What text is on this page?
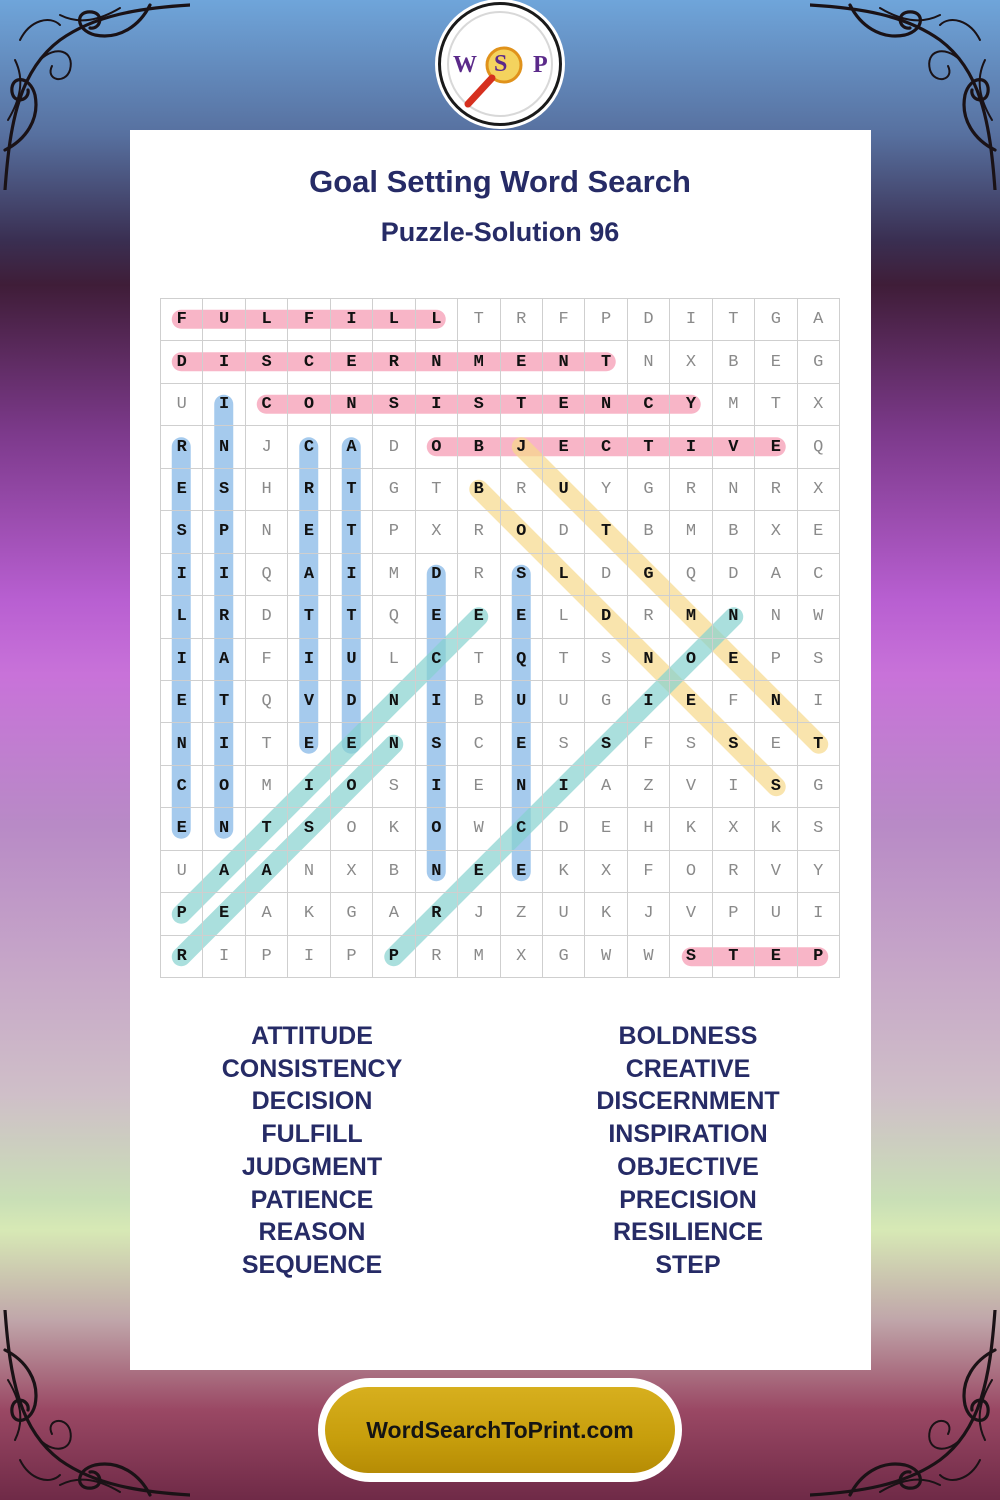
W S P
Goal Setting Word Search
Puzzle-Solution 96
F	U	L	F	I	L	L	T	R	F	P	D	I	T	G	A
D	I	S	C	E	R	N	M	E	N	T	N	X	B	E	G
U	I	C	O	N	S	I	S	T	E	N	C	Y	M	T	X
R	N	J	C	A	D	O	B	J	E	C	T	I	V	E	Q
E	S	H	R	T	G	T	B	R	U	Y	G	R	N	R	X
S	P	N	E	T	P	X	R	O	D	T	B	M	B	X	E
I	I	Q	A	I	M	D	R	S	L	D	G	Q	D	A	C
L	R	D	T	T	Q	E	E	E	L	D	R	M	N	N	W
I	A	F	I	U	L	C	T	Q	T	S	N	O	E	P	S
E	T	Q	V	D	N	I	B	U	U	G	I	E	F	N	I
N	I	T	E	E	N	S	C	E	S	S	F	S	S	E	T
C	O	M	I	O	S	I	E	N	I	A	Z	V	I	S	G
E	N	T	S	O	K	O	W	C	D	E	H	K	X	K	S
U	A	A	N	X	B	N	E	E	K	X	F	O	R	V	Y
P	E	A	K	G	A	R	J	Z	U	K	J	V	P	U	I
R	I	P	I	P	P	R	M	X	G	W	W	S	T	E	P
ATTITUDE
CONSISTENCY
DECISION
FULFILL
JUDGMENT
PATIENCE
REASON
SEQUENCE
BOLDNESS
CREATIVE
DISCERNMENT
INSPIRATION
OBJECTIVE
PRECISION
RESILIENCE
STEP
WordSearchToPrint.com
